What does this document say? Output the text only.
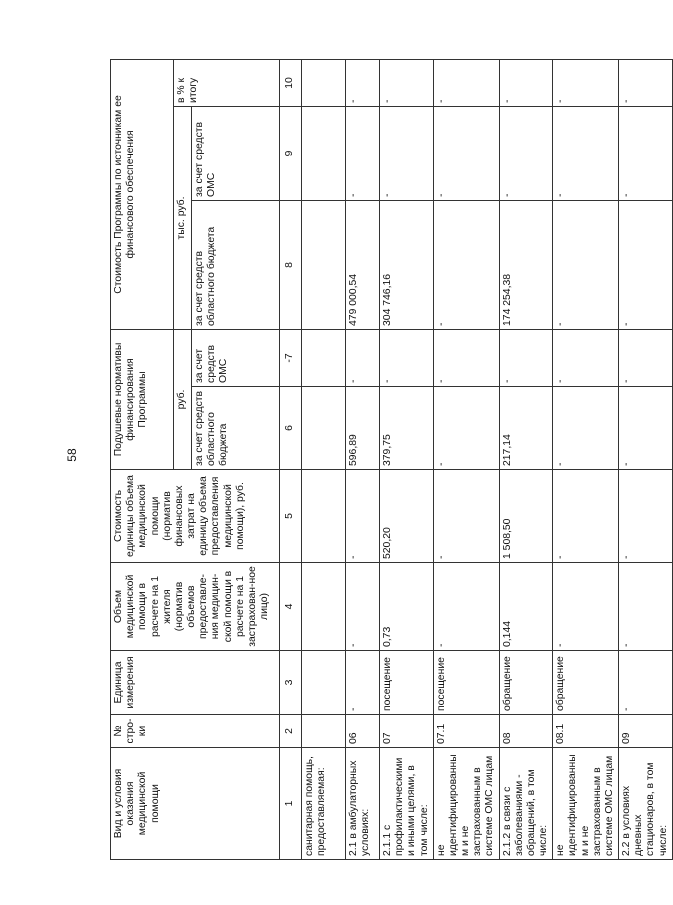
58
Вид и условия оказания медицинской помощи	№ стро-ки	Единица измерения	Объем медицинской помощи в расчете на 1 жителя (норматив объемов предоставле-ния медицин-ской помощи в расчете на 1 застрахован-ное лицо)	Стоимость единицы объема медицинской помощи (норматив финансовых затрат на единицу объема предоставления медицинской помощи), руб.	Подушевые нормативы финансирования Программы		Стоимость Программы по источникам ее финансового обеспечения		
					руб.		тыс. руб.		в % к итогу
					за счет средств областного бюджета	за счет средств ОМС	за счет средств областного бюджета	за счет средств ОМС	
1	2	3	4	5	6	-7	8	9	10
санитарная помощь, предоставляемая:									
2.1 в амбулаторных условиях:	06	-	-	-	596,89	-	479 000,54	-	-
2.1.1 с профилактическими и иными целями, в том числе:	07	посещение	0,73	520,20	379,75	-	304 746,16	-	-
не идентифицированным и не застрахованным в системе ОМС лицам	07.1	посещение	-	-	-	-	-	-	-
2.1.2 в связи с заболеваниями - обращений, в том числе:	08	обращение	0,144	1 508,50	217,14	-	174 254,38	-	-
не идентифицированным и не застрахованным в системе ОМС лицам	08.1	обращение	-	-	-	-	-	-	-
2.2 в условиях дневных стационаров, в том числе:	09	-	-	-	-	-	-	-	-
